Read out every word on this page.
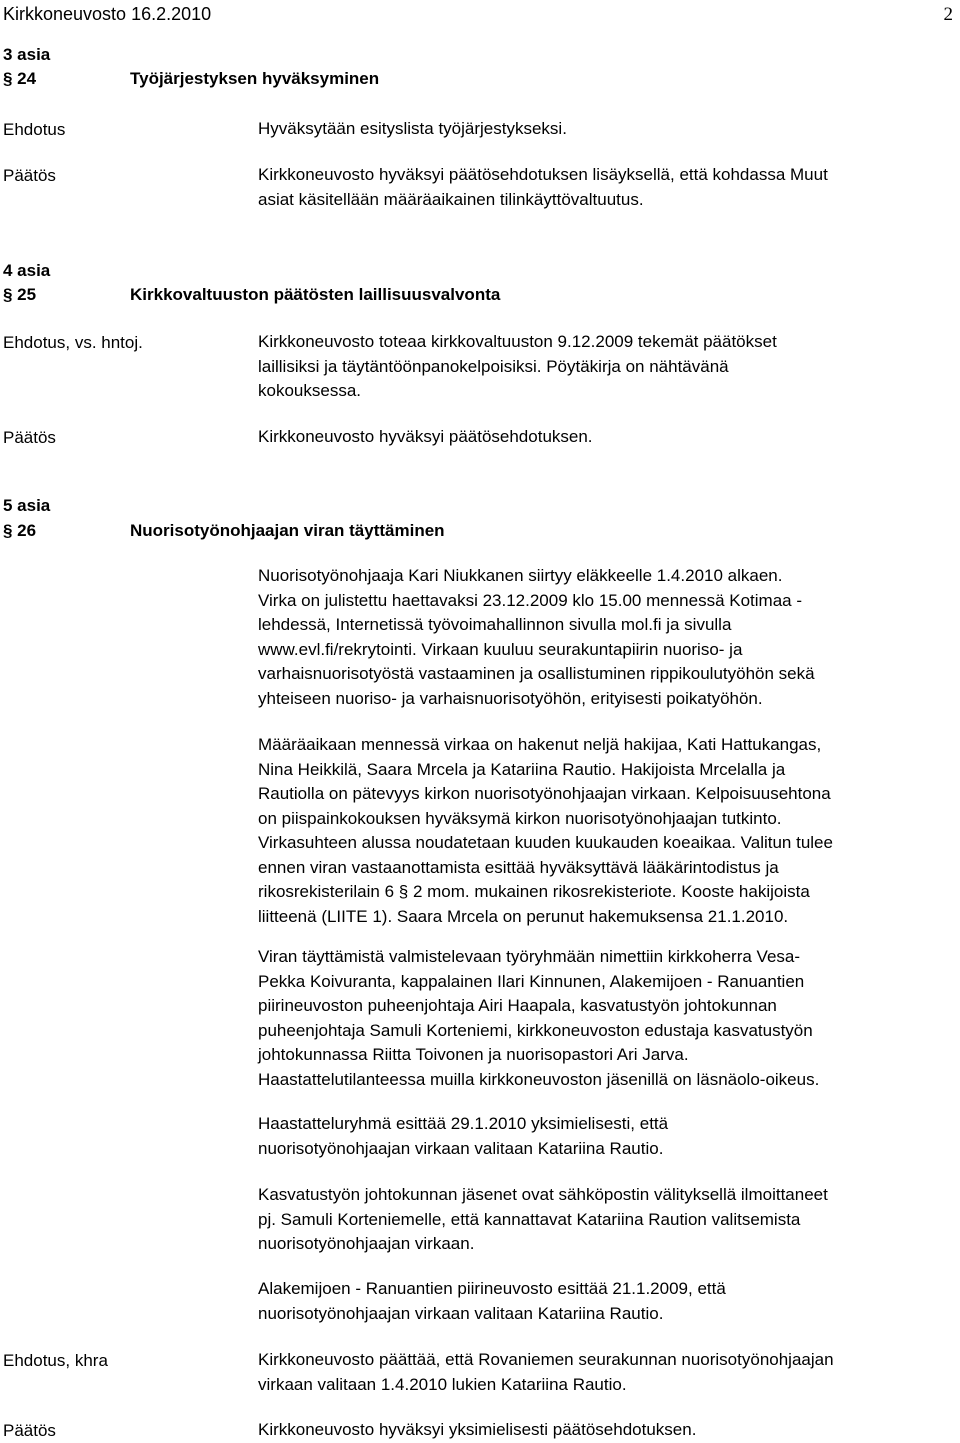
Kirkkoneuvosto 16.2.2010	2
3 asia
§ 24	Työjärjestyksen hyväksyminen
Ehdotus	Hyväksytään esityslista työjärjestykseksi.
Päätös	Kirkkoneuvosto hyväksyi päätösehdotuksen lisäyksellä, että kohdassa Muut

asiat käsitellään määräaikainen tilinkäyttövaltuutus.

4 asia
§ 25	Kirkkovaltuuston päätösten laillisuusvalvonta
Ehdotus, vs. hntoj.	Kirkkoneuvosto toteaa kirkkovaltuuston 9.12.2009 tekemät päätökset

laillisiksi ja täytäntöönpanokelpoisiksi. Pöytäkirja on nähtävänä

kokouksessa.

Päätös	Kirkkoneuvosto hyväksyi päätösehdotuksen.
5 asia
§ 26	Nuorisotyönohjaajan viran täyttäminen

Nuorisotyönohjaaja Kari Niukkanen siirtyy eläkkeelle 1.4.2010 alkaen.

Virka on julistettu haettavaksi 23.12.2009 klo 15.00 mennessä Kotimaa -

lehdessä, Internetissä työvoimahallinnon sivulla mol.fi ja sivulla

www.evl.fi/rekrytointi. Virkaan kuuluu seurakuntapiirin nuoriso- ja

varhaisnuorisotyöstä vastaaminen ja osallistuminen rippikoulutyöhön sekä

yhteiseen nuoriso- ja varhaisnuorisotyöhön, erityisesti poikatyöhön.

Määräaikaan mennessä virkaa on hakenut neljä hakijaa, Kati Hattukangas,

Nina Heikkilä, Saara Mrcela ja Katariina Rautio. Hakijoista Mrcelalla ja

Rautiolla on pätevyys kirkon nuorisotyönohjaajan virkaan. Kelpoisuusehtona

on piispainkokouksen hyväksymä kirkon nuorisotyönohjaajan tutkinto.

Virkasuhteen alussa noudatetaan kuuden kuukauden koeaikaa. Valitun tulee

ennen viran vastaanottamista esittää hyväksyttävä lääkärintodistus ja

rikosrekisterilain 6 § 2 mom. mukainen rikosrekisteriote. Kooste hakijoista

liitteenä (LIITE 1). Saara Mrcela on perunut hakemuksensa 21.1.2010.

Viran täyttämistä valmistelevaan työryhmään nimettiin kirkkoherra Vesa-

Pekka Koivuranta, kappalainen Ilari Kinnunen, Alakemijoen - Ranuantien

piirineuvoston puheenjohtaja Airi Haapala, kasvatustyön johtokunnan

puheenjohtaja Samuli Korteniemi, kirkkoneuvoston edustaja kasvatustyön

johtokunnassa Riitta Toivonen ja nuorisopastori Ari Jarva.

Haastattelutilanteessa muilla kirkkoneuvoston jäsenillä on läsnäolo-oikeus.

Haastatteluryhmä esittää 29.1.2010 yksimielisesti, että

nuorisotyönohjaajan virkaan valitaan Katariina Rautio.

Kasvatustyön johtokunnan jäsenet ovat sähköpostin välityksellä ilmoittaneet

pj. Samuli Korteniemelle, että kannattavat Katariina Raution valitsemista

nuorisotyönohjaajan virkaan.

Alakemijoen - Ranuantien piirineuvosto esittää 21.1.2009, että

nuorisotyönohjaajan virkaan valitaan Katariina Rautio.

Ehdotus, khra	Kirkkoneuvosto päättää, että Rovaniemen seurakunnan nuorisotyönohjaajan

virkaan valitaan 1.4.2010 lukien Katariina Rautio.

Päätös	Kirkkoneuvosto hyväksyi yksimielisesti päätösehdotuksen.
